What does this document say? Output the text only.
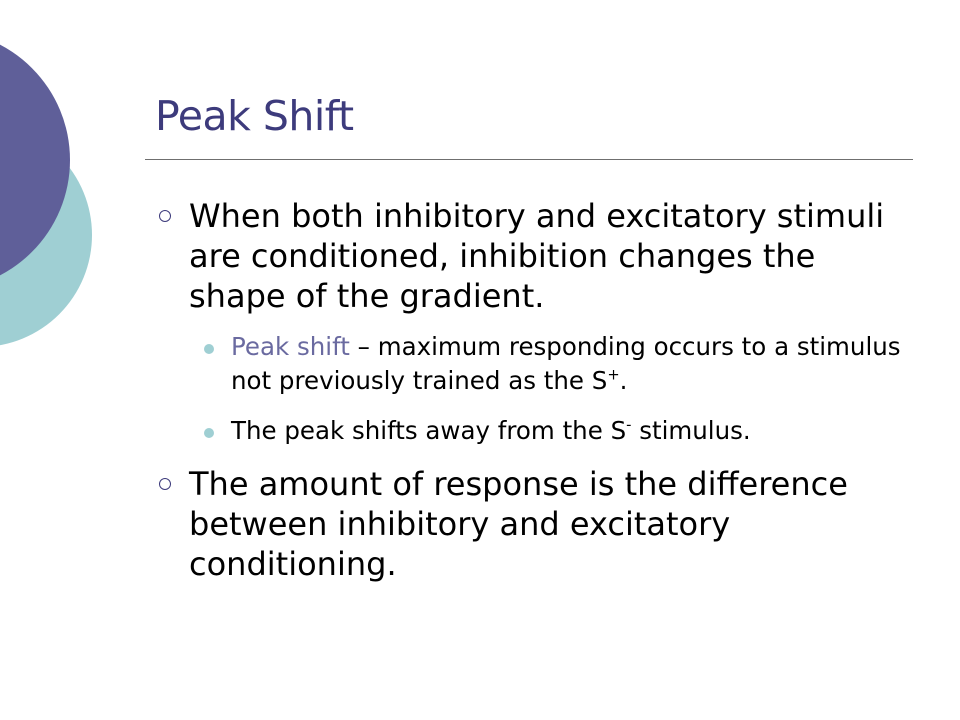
Peak Shift
When both inhibitory and excitatory stimuli are conditioned, inhibition changes the shape of the gradient.
Peak shift – maximum responding occurs to a stimulus not previously trained as the S+.
The peak shifts away from the S- stimulus.
The amount of response is the difference between inhibitory and excitatory conditioning.
